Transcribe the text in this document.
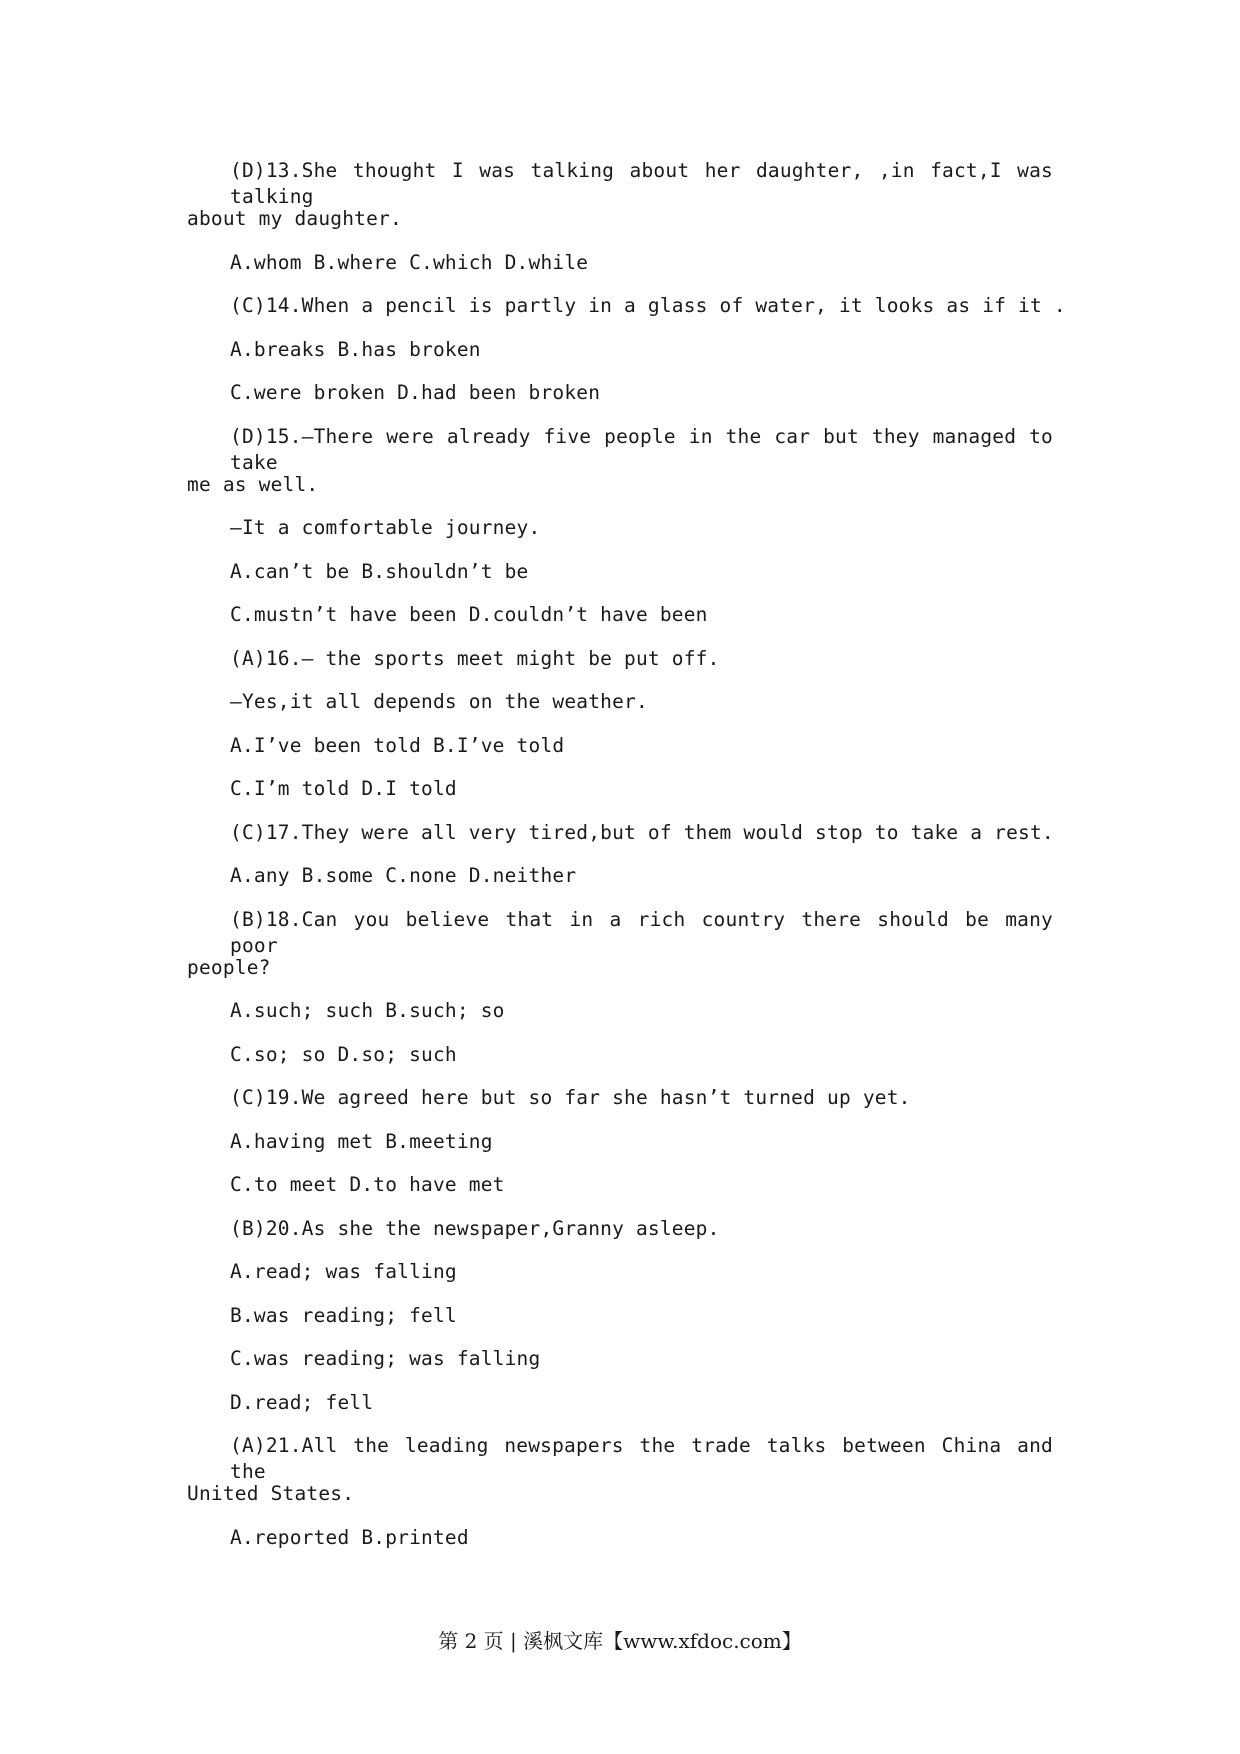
(D)13.She thought I was talking about her daughter, ,in fact,I was talking
about my daughter.
A.whom B.where C.which D.while
(C)14.When a pencil is partly in a glass of water, it looks as if it .
A.breaks B.has broken
C.were broken D.had been broken
(D)15.—There were already five people in the car but they managed to take
me as well.
—It a comfortable journey.
A.can’t be B.shouldn’t be
C.mustn’t have been D.couldn’t have been
(A)16.— the sports meet might be put off.
—Yes,it all depends on the weather.
A.I’ve been told B.I’ve told
C.I’m told D.I told
(C)17.They were all very tired,but of them would stop to take a rest.
A.any B.some C.none D.neither
(B)18.Can you believe that in a rich country there should be many poor
people?
A.such; such B.such; so
C.so; so D.so; such
(C)19.We agreed here but so far she hasn’t turned up yet.
A.having met B.meeting
C.to meet D.to have met
(B)20.As she the newspaper,Granny asleep.
A.read; was falling
B.was reading; fell
C.was reading; was falling
D.read; fell
(A)21.All the leading newspapers the trade talks between China and the
United States.
A.reported B.printed
第 2 页 | 溪枫文库【www.xfdoc.com】
